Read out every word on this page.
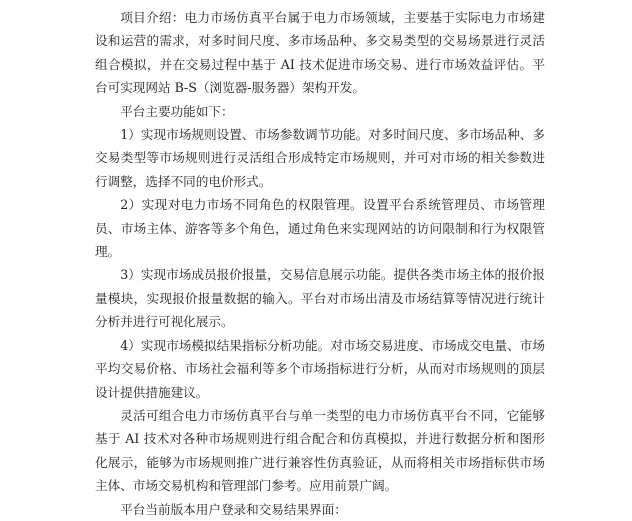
项目介绍：电力市场仿真平台属于电力市场领域，主要基于实际电力市场建设和运营的需求，对多时间尺度、多市场品种、多交易类型的交易场景进行灵活组合模拟，并在交易过程中基于 AI 技术促进市场交易、进行市场效益评估。平台可实现网站 B-S（浏览器-服务器）架构开发。

平台主要功能如下：

1）实现市场规则设置、市场参数调节功能。对多时间尺度、多市场品种、多交易类型等市场规则进行灵活组合形成特定市场规则，并可对市场的相关参数进行调整，选择不同的电价形式。

2）实现对电力市场不同角色的权限管理。设置平台系统管理员、市场管理员、市场主体、游客等多个角色，通过角色来实现网站的访问限制和行为权限管理。

3）实现市场成员报价报量，交易信息展示功能。提供各类市场主体的报价报量模块，实现报价报量数据的输入。平台对市场出清及市场结算等情况进行统计分析并进行可视化展示。

4）实现市场模拟结果指标分析功能。对市场交易进度、市场成交电量、市场平均交易价格、市场社会福利等多个市场指标进行分析，从而对市场规则的顶层设计提供措施建议。

灵活可组合电力市场仿真平台与单一类型的电力市场仿真平台不同，它能够基于 AI 技术对各种市场规则进行组合配合和仿真模拟，并进行数据分析和图形化展示，能够为市场规则推广进行兼容性仿真验证，从而将相关市场指标供市场主体、市场交易机构和管理部门参考。应用前景广阔。

平台当前版本用户登录和交易结果界面：
